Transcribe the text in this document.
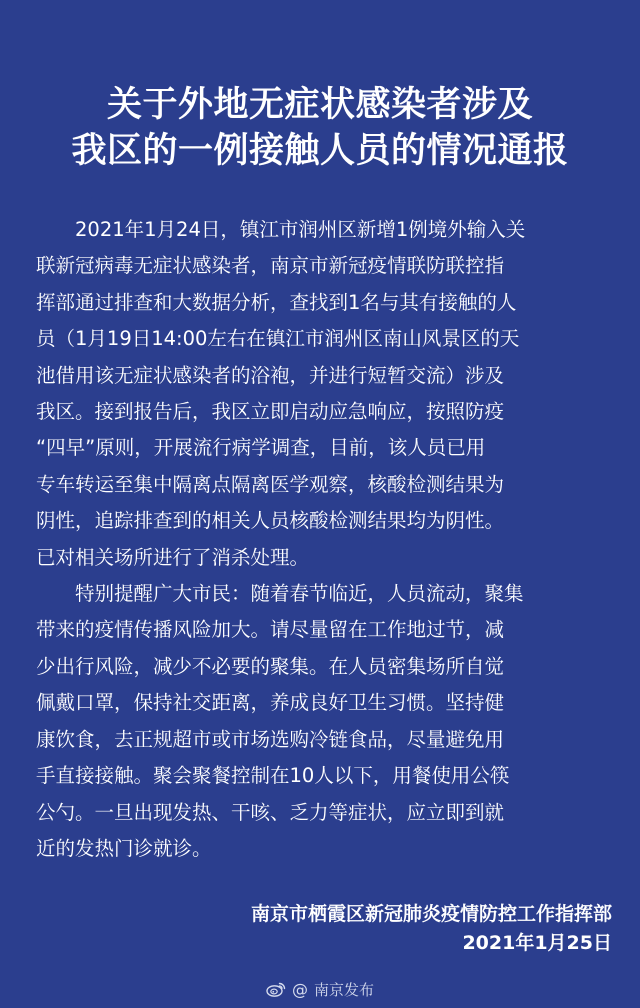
关于外地无症状感染者涉及
我区的一例接触人员的情况通报

　　2021年1月24日，镇江市润州区新增1例境外输入关
联新冠病毒无症状感染者，南京市新冠疫情联防联控指
挥部通过排查和大数据分析，查找到1名与其有接触的人
员（1月19日14:00左右在镇江市润州区南山风景区的天
池借用该无症状感染者的浴袍，并进行短暂交流）涉及
我区。接到报告后，我区立即启动应急响应，按照防疫
“四早”原则，开展流行病学调查，目前，该人员已用
专车转运至集中隔离点隔离医学观察，核酸检测结果为
阴性，追踪排查到的相关人员核酸检测结果均为阴性。
已对相关场所进行了消杀处理。

　　特别提醒广大市民：随着春节临近，人员流动，聚集
带来的疫情传播风险加大。请尽量留在工作地过节，减
少出行风险，减少不必要的聚集。在人员密集场所自觉
佩戴口罩，保持社交距离，养成良好卫生习惯。坚持健
康饮食，去正规超市或市场选购冷链食品，尽量避免用
手直接接触。聚会聚餐控制在10人以下，用餐使用公筷
公勺。一旦出现发热、干咳、乏力等症状，应立即到就
近的发热门诊就诊。

南京市栖霞区新冠肺炎疫情防控工作指挥部
2021年1月25日
@ 南京发布
